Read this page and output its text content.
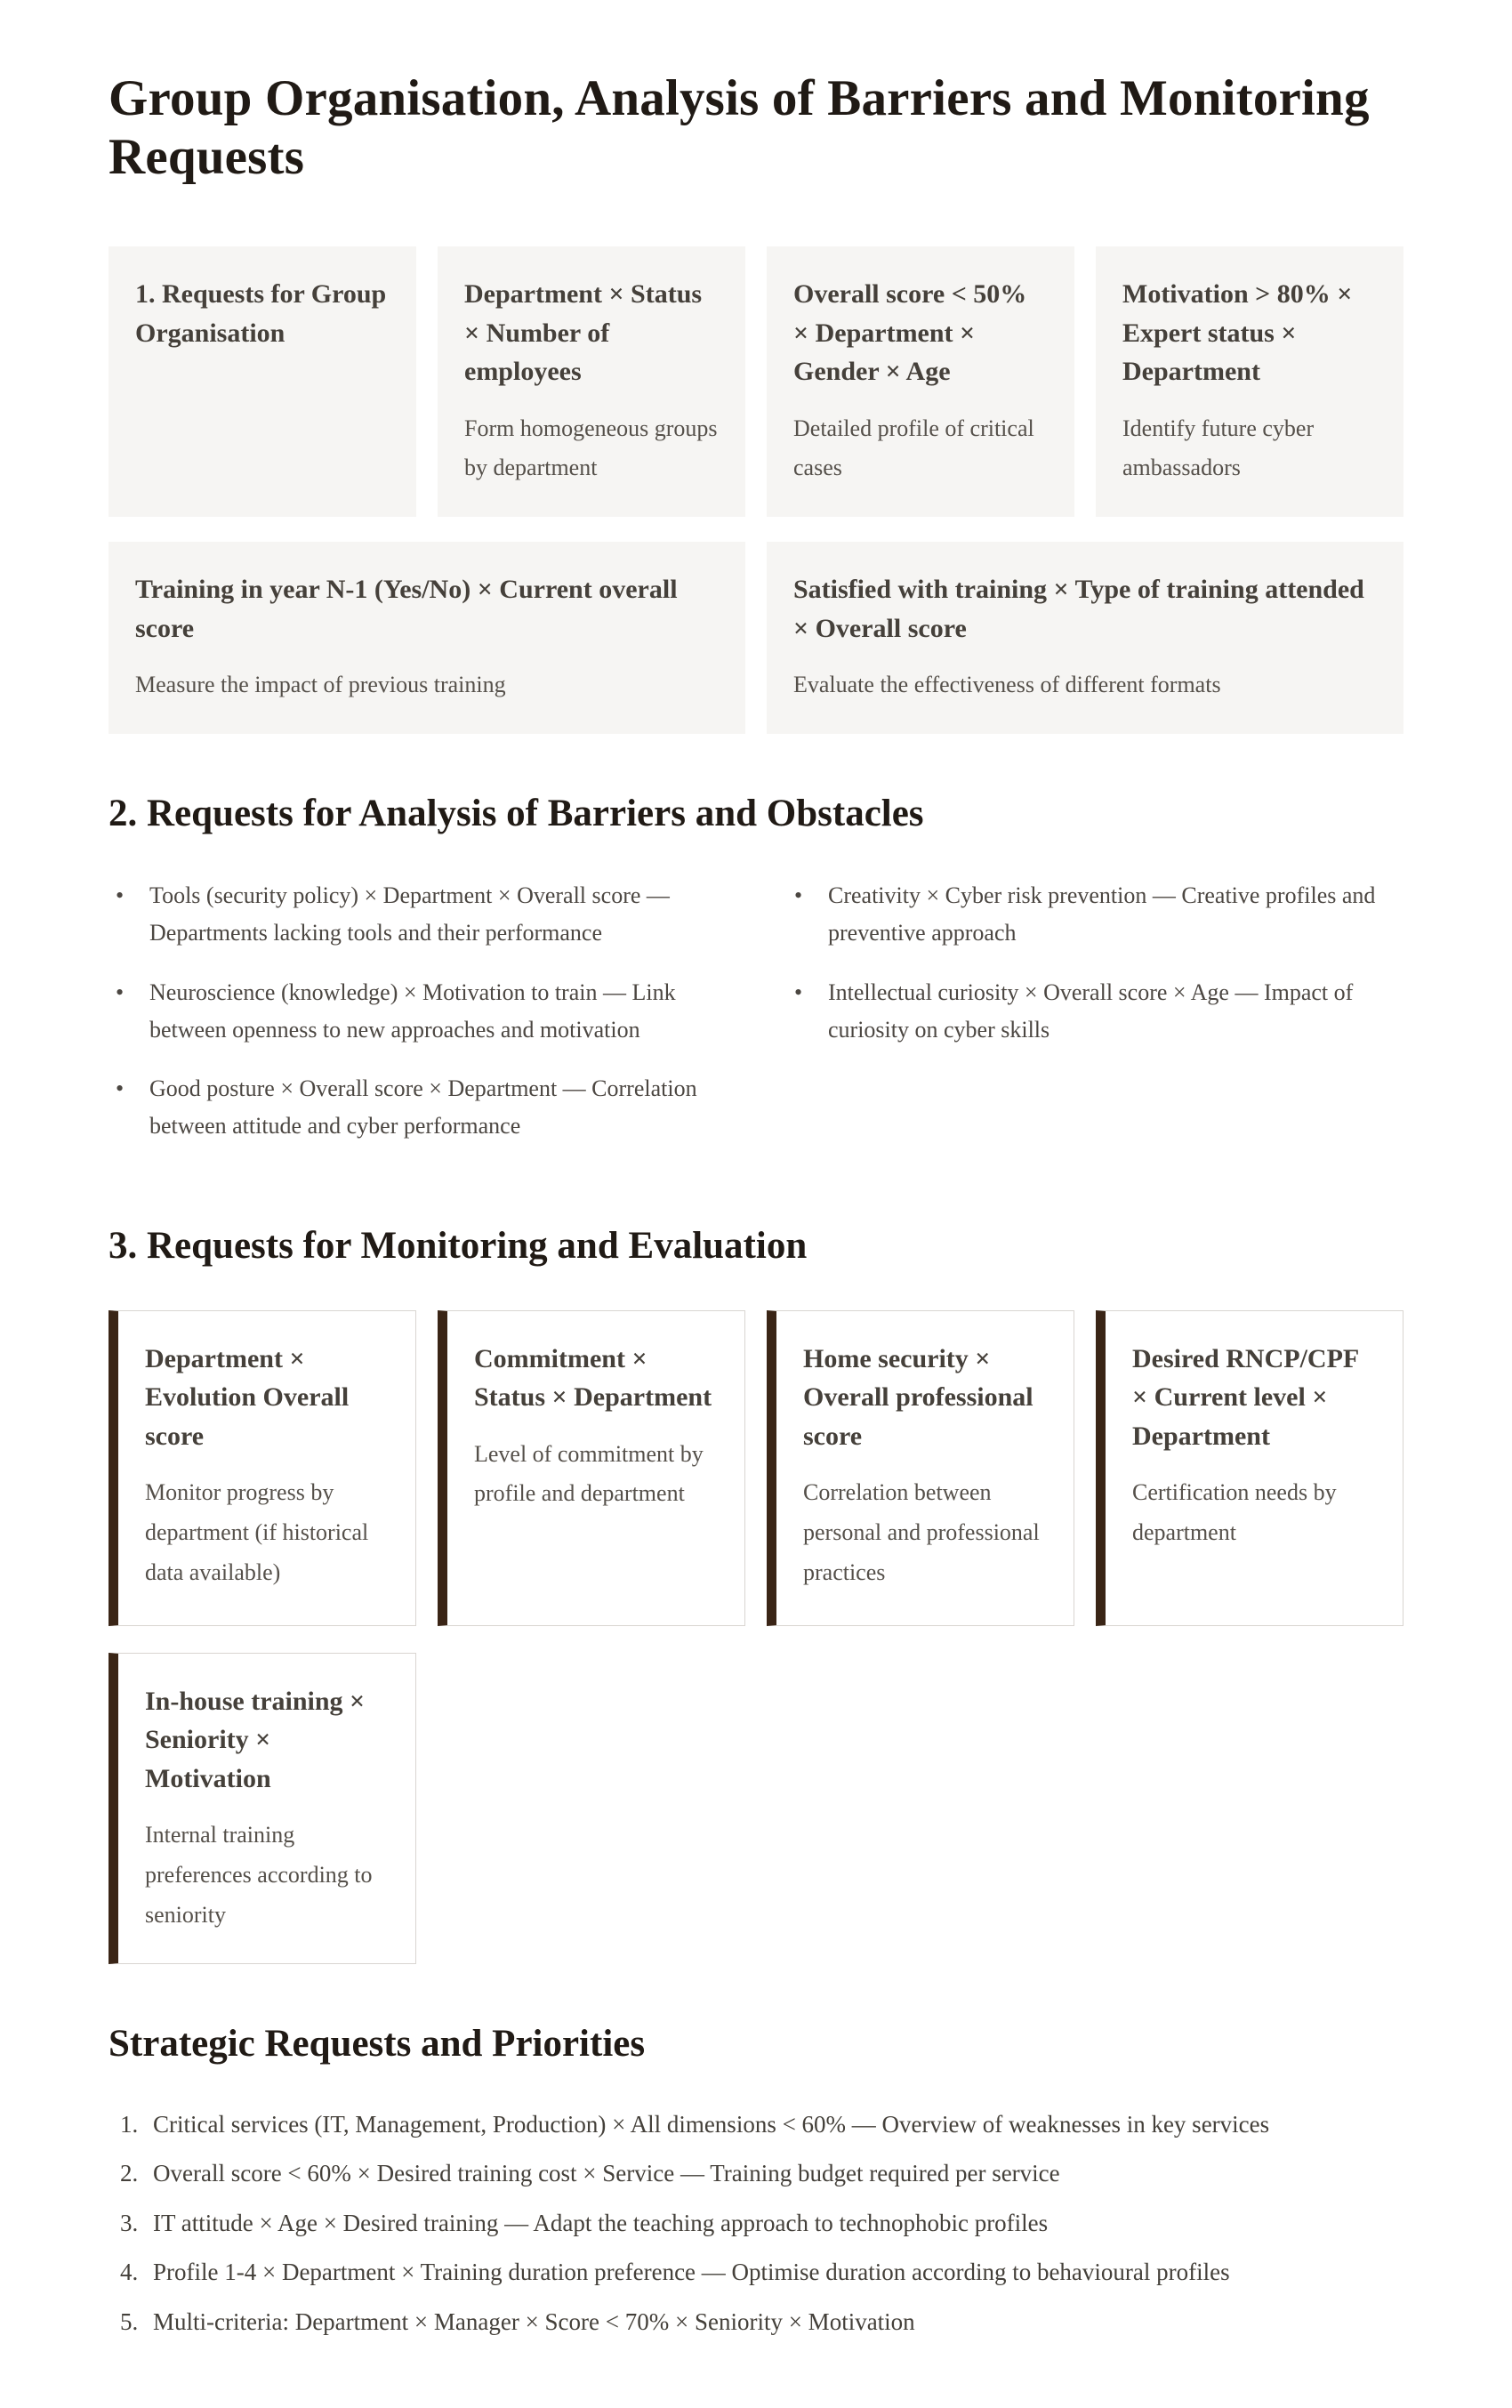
Group Organisation, Analysis of Barriers and Monitoring Requests
1. Requests for Group Organisation
Department × Status × Number of employees

Form homogeneous groups by department

Overall score < 50% × Department × Gender × Age

Detailed profile of critical cases

Motivation > 80% × Expert status × Department

Identify future cyber ambassadors

Training in year N-1 (Yes/No) × Current overall score

Measure the impact of previous training

Satisfied with training × Type of training attended × Overall score

Evaluate the effectiveness of different formats

2. Requests for Analysis of Barriers and Obstacles
• Tools (security policy) × Department × Overall score — Departments lacking tools and their performance
• Neuroscience (knowledge) × Motivation to train — Link between openness to new approaches and motivation
• Good posture × Overall score × Department — Correlation between attitude and cyber performance
• Creativity × Cyber risk prevention — Creative profiles and preventive approach
• Intellectual curiosity × Overall score × Age — Impact of curiosity on cyber skills
3. Requests for Monitoring and Evaluation
Department × Evolution Overall score

Monitor progress by department (if historical data available)

Commitment × Status × Department

Level of commitment by profile and department

Home security × Overall professional score

Correlation between personal and professional practices

Desired RNCP/CPF × Current level × Department

Certification needs by department

In-house training × Seniority × Motivation

Internal training preferences according to seniority

Strategic Requests and Priorities
1. Critical services (IT, Management, Production) × All dimensions < 60% — Overview of weaknesses in key services
2. Overall score < 60% × Desired training cost × Service — Training budget required per service
3. IT attitude × Age × Desired training — Adapt the teaching approach to technophobic profiles
4. Profile 1-4 × Department × Training duration preference — Optimise duration according to behavioural profiles
5. Multi-criteria: Department × Manager × Score < 70% × Seniority × Motivation
